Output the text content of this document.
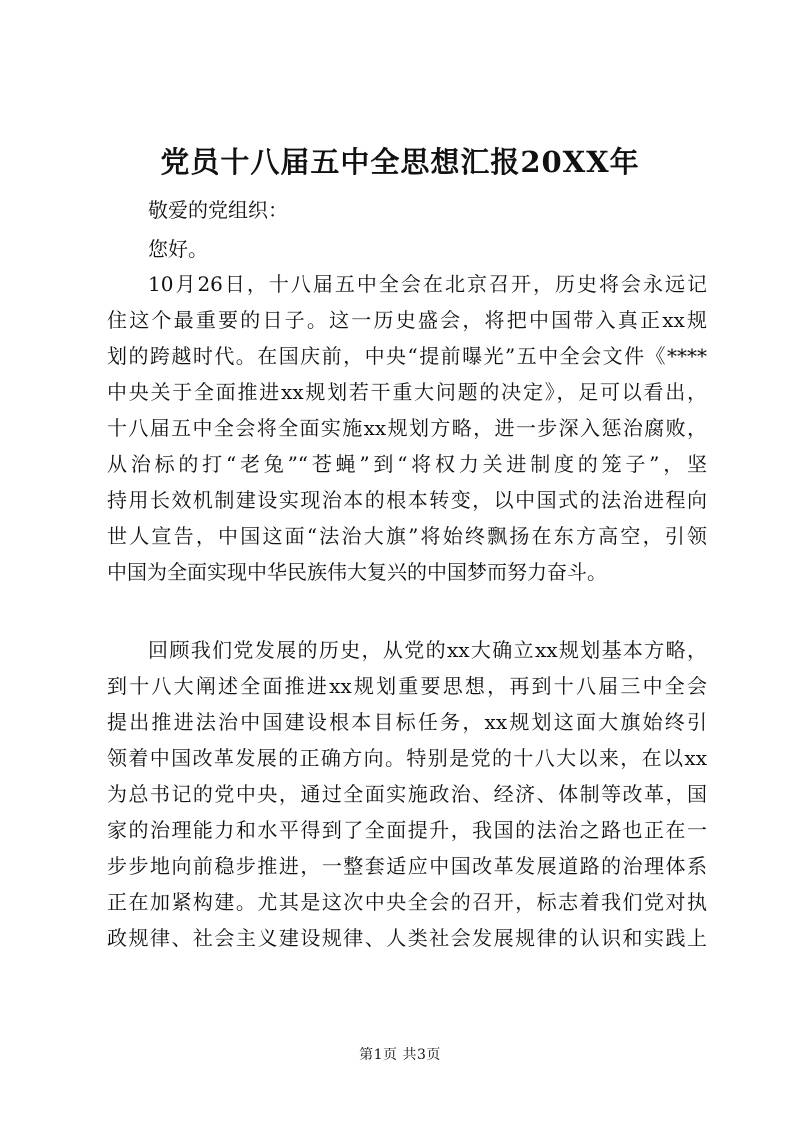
党员十八届五中全思想汇报20XX年
敬爱的党组织：
您好。
10月26日，十八届五中全会在北京召开，历史将会永远记
住这个最重要的日子。这一历史盛会，将把中国带入真正xx规
划的跨越时代。在国庆前，中央“提前曝光”五中全会文件《****
中央关于全面推进xx规划若干重大问题的决定》，足可以看出，
十八届五中全会将全面实施xx规划方略，进一步深入惩治腐败，
从治标的打“老兔”“苍蝇”到“将权力关进制度的笼子”，坚
持用长效机制建设实现治本的根本转变，以中国式的法治进程向
世人宣告，中国这面“法治大旗”将始终飘扬在东方高空，引领
中国为全面实现中华民族伟大复兴的中国梦而努力奋斗。
回顾我们党发展的历史，从党的xx大确立xx规划基本方略，
到十八大阐述全面推进xx规划重要思想，再到十八届三中全会
提出推进法治中国建设根本目标任务，xx规划这面大旗始终引
领着中国改革发展的正确方向。特别是党的十八大以来，在以xx
为总书记的党中央，通过全面实施政治、经济、体制等改革，国
家的治理能力和水平得到了全面提升，我国的法治之路也正在一
步步地向前稳步推进，一整套适应中国改革发展道路的治理体系
正在加紧构建。尤其是这次中央全会的召开，标志着我们党对执
政规律、社会主义建设规律、人类社会发展规律的认识和实践上
第1页 共3页
